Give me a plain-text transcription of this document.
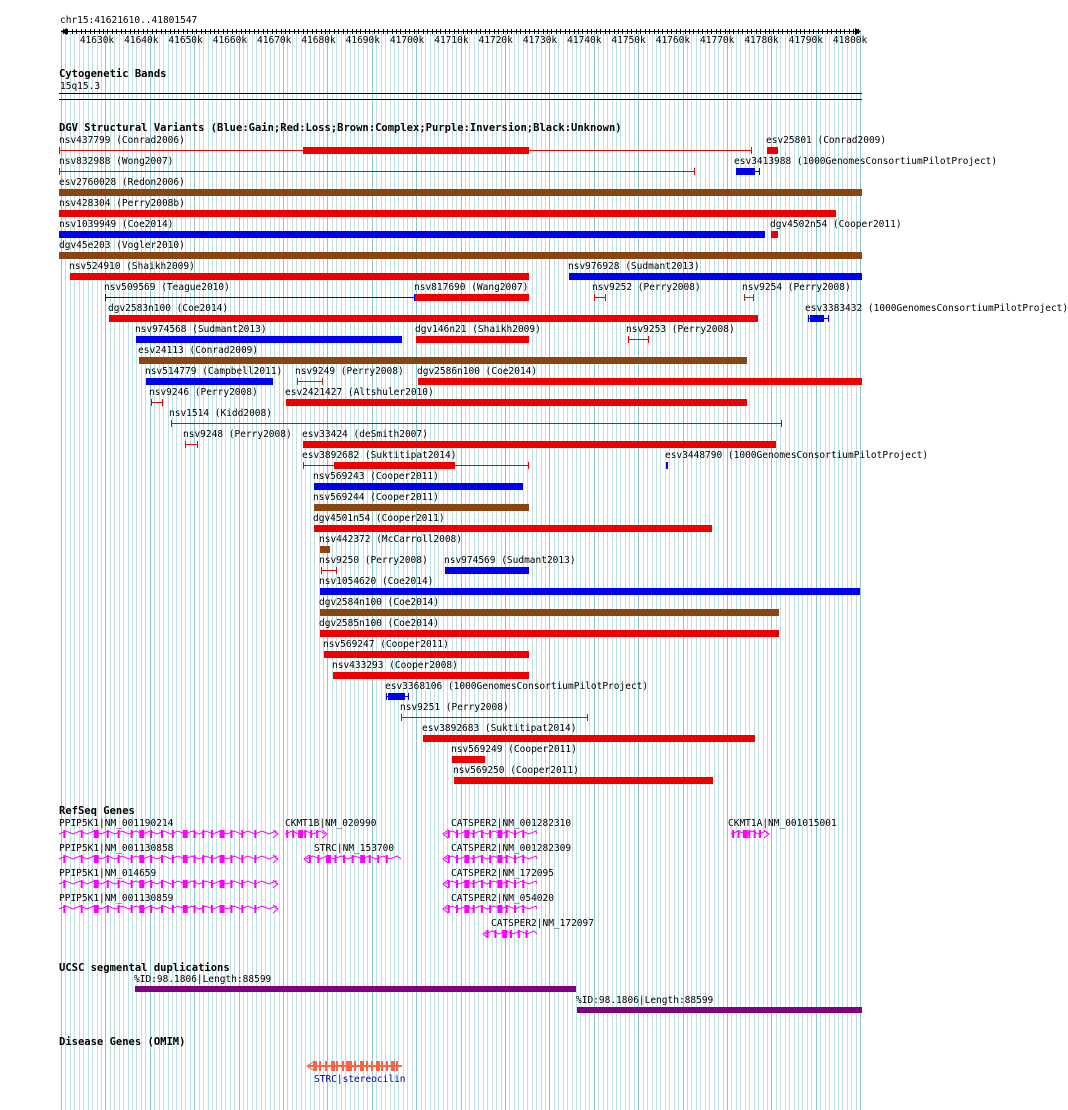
chr15:41621610..41801547
41630k 41640k 41650k 41660k 41670k 41680k 41690k 41700k 41710k 41720k 41730k 41740k 41750k 41760k 41770k 41780k 41790k 41800k
Cytogenetic Bands
15q15.3
DGV Structural Variants (Blue:Gain;Red:Loss;Brown:Complex;Purple:Inversion;Black:Unknown)
nsv437799 (Conrad2006)	esv25801 (Conrad2009)
nsv832988 (Wong2007)	esv3413988 (1000GenomesConsortiumPilotProject)
esv2760028 (Redon2006)
nsv428304 (Perry2008b)
nsv1039949 (Coe2014)	dgv4502n54 (Cooper2011)
dgv45e203 (Vogler2010)
nsv524910 (Shaikh2009)	nsv976928 (Sudmant2013)
nsv509569 (Teague2010)	nsv817690 (Wang2007)	nsv9252 (Perry2008)	nsv9254 (Perry2008)
dgv2583n100 (Coe2014)	esv3383432 (1000GenomesConsortiumPilotProject)
nsv974568 (Sudmant2013)	dgv146n21 (Shaikh2009)	nsv9253 (Perry2008)
esv24113 (Conrad2009)
nsv514779 (Campbell2011) nsv9249 (Perry2008) dgv2586n100 (Coe2014)
nsv9246 (Perry2008)	esv2421427 (Altshuler2010)
nsv1514 (Kidd2008)
nsv9248 (Perry2008) esv33424 (deSmith2007)
esv3892682 (Suktitipat2014)	esv3448790 (1000GenomesConsortiumPilotProject)
nsv569243 (Cooper2011)
nsv569244 (Cooper2011)
dgv4501n54 (Cooper2011)
nsv442372 (McCarroll2008)
nsv9250 (Perry2008) nsv974569 (Sudmant2013)
nsv1054620 (Coe2014)
dgv2584n100 (Coe2014)
dgv2585n100 (Coe2014)
nsv569247 (Cooper2011)
nsv433293 (Cooper2008)
esv3368106 (1000GenomesConsortiumPilotProject)
nsv9251 (Perry2008)
esv3892683 (Suktitipat2014)
nsv569249 (Cooper2011)
nsv569250 (Cooper2011)
RefSeq Genes
PPIP5K1|NM_001190214	CKMT1B|NM_020990	CATSPER2|NM_001282310	CKMT1A|NM_001015001
PPIP5K1|NM_001130858	STRC|NM_153700	CATSPER2|NM_001282309
PPIP5K1|NM_014659	CATSPER2|NM_172095
PPIP5K1|NM_001130859	CATSPER2|NM_054020
CATSPER2|NM_172097
UCSC segmental duplications
%ID:98.1806|Length:88599
%ID:98.1806|Length:88599
Disease Genes (OMIM)
STRC|stereocilin
